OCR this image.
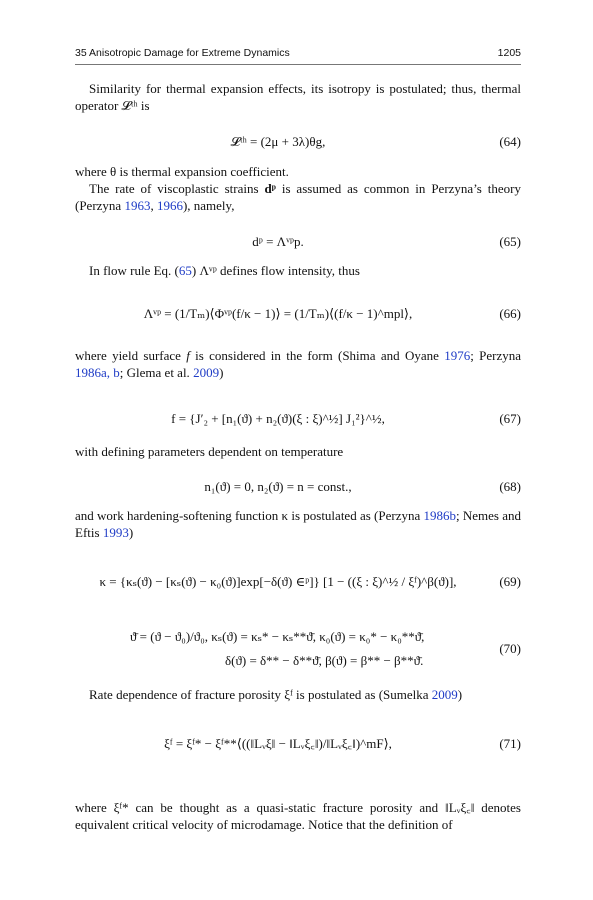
35 Anisotropic Damage for Extreme Dynamics	1205
Similarity for thermal expansion effects, its isotropy is postulated; thus, thermal operator 𝓛ᵗʰ is
𝓛ᵗʰ = (2μ + 3λ)θg,	(64)
where θ is thermal expansion coefficient.
The rate of viscoplastic strains dᵖ is assumed as common in Perzyna’s theory (Perzyna 1963, 1966), namely,
dᵖ = Λᵛᵖp.	(65)
In flow rule Eq. (65) Λᵛᵖ defines flow intensity, thus
Λᵛᵖ = (1/Tₘ)⟨Φᵛᵖ(f/κ − 1)⟩ = (1/Tₘ)⟨(f/κ − 1)^mpl⟩,	(66)
where yield surface f is considered in the form (Shima and Oyane 1976; Perzyna 1986a, b; Glema et al. 2009)
f = {J′₂ + [n₁(ϑ) + n₂(ϑ)(ξ : ξ)^½] J₁²}^½,	(67)
with defining parameters dependent on temperature
n₁(ϑ) = 0, n₂(ϑ) = n = const.,	(68)
and work hardening-softening function κ is postulated as (Perzyna 1986b; Nemes and Eftis 1993)
κ = {κₛ(ϑ) − [κₛ(ϑ) − κ₀(ϑ)]exp[−δ(ϑ) ∈ᵖ]} [1 − ((ξ : ξ)^½ / ξᶠ)^β(ϑ)],	(69)
ϑ̄ = (ϑ − ϑ₀)/ϑ₀, κₛ(ϑ) = κₛ* − κₛ**ϑ̄, κ₀(ϑ) = κ₀* − κ₀**ϑ̄,
δ(ϑ) = δ** − δ**ϑ̄, β(ϑ) = β** − β**ϑ̄.
(70)
Rate dependence of fracture porosity ξᶠ is postulated as (Sumelka 2009)
ξᶠ = ξᶠ* − ξᶠ**⟨((‖Lᵥξ‖ − ‖Lᵥξ꜀‖)/‖Lᵥξ꜀‖)^mF⟩,	(71)
where ξᶠ* can be thought as a quasi-static fracture porosity and ‖Lᵥξ꜀‖ denotes equivalent critical velocity of microdamage. Notice that the definition of
